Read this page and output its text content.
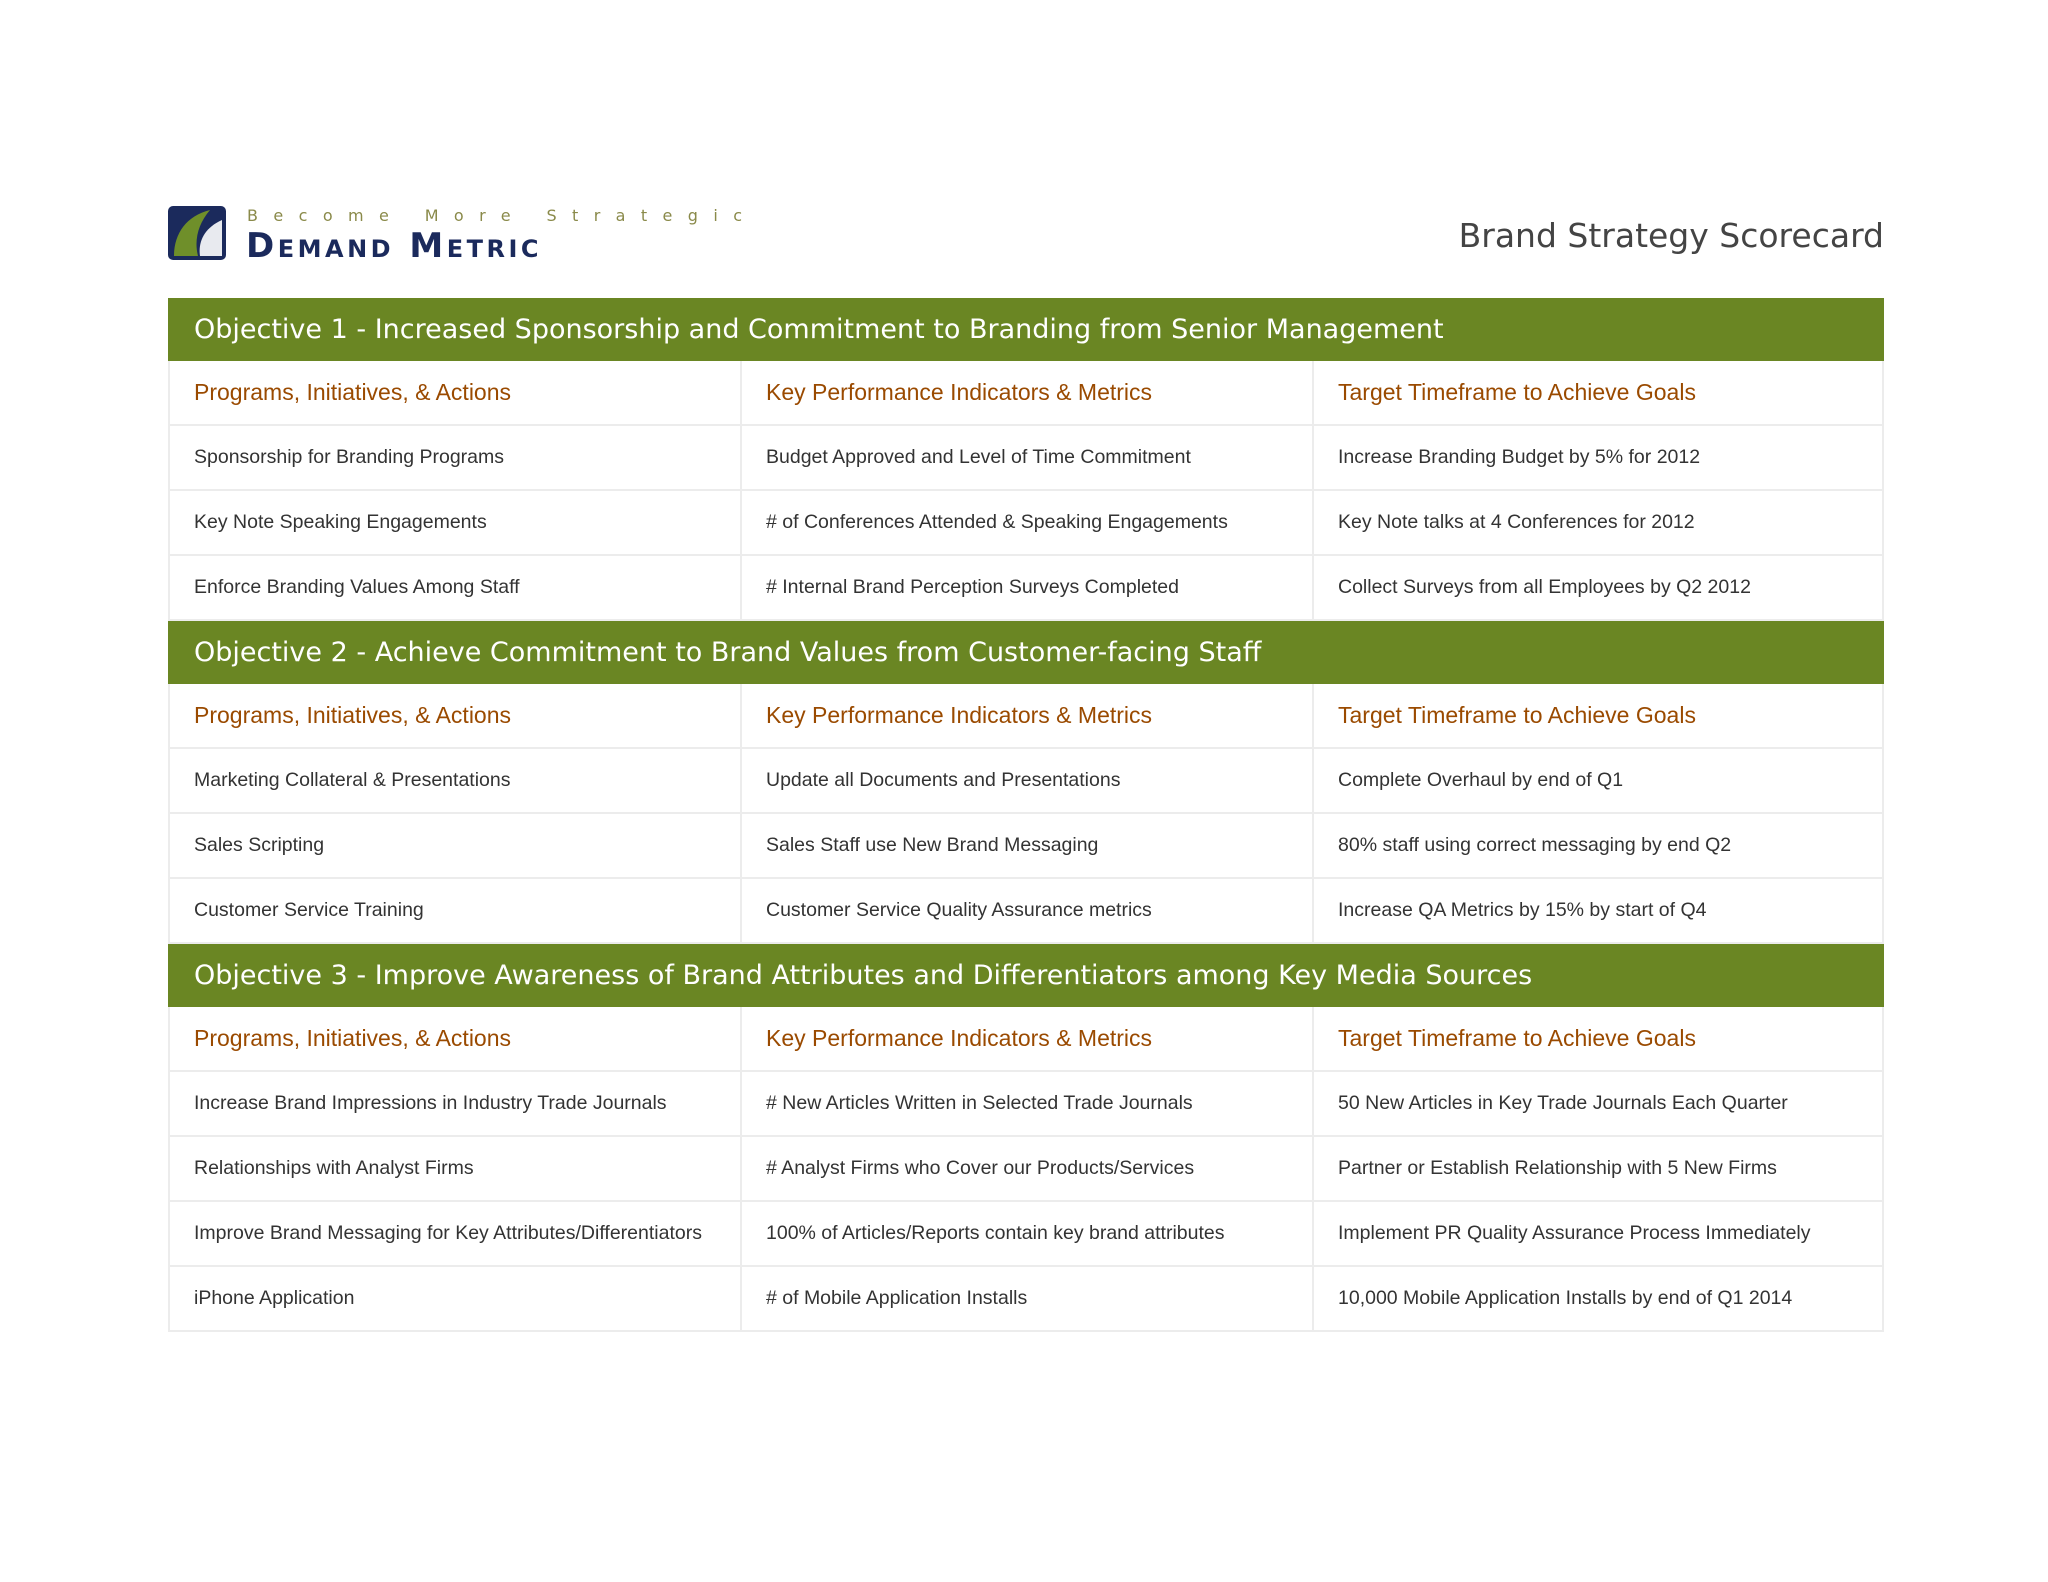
Become More Strategic
Demand Metric	Brand Strategy Scorecard
Objective 1 - Increased Sponsorship and Commitment to Branding from Senior Management
Programs, Initiatives, & Actions	Key Performance Indicators & Metrics	Target Timeframe to Achieve Goals
Sponsorship for Branding Programs	Budget Approved and Level of Time Commitment	Increase Branding Budget by 5% for 2012
Key Note Speaking Engagements	# of Conferences Attended & Speaking Engagements	Key Note talks at 4 Conferences for 2012
Enforce Branding Values Among Staff	# Internal Brand Perception Surveys Completed	Collect Surveys from all Employees by Q2 2012
Objective 2 - Achieve Commitment to Brand Values from Customer-facing Staff
Programs, Initiatives, & Actions	Key Performance Indicators & Metrics	Target Timeframe to Achieve Goals
Marketing Collateral & Presentations	Update all Documents and Presentations	Complete Overhaul by end of Q1
Sales Scripting	Sales Staff use New Brand Messaging	80% staff using correct messaging by end Q2
Customer Service Training	Customer Service Quality Assurance metrics	Increase QA Metrics by 15% by start of Q4
Objective 3 - Improve Awareness of Brand Attributes and Differentiators among Key Media Sources
Programs, Initiatives, & Actions	Key Performance Indicators & Metrics	Target Timeframe to Achieve Goals
Increase Brand Impressions in Industry Trade Journals	# New Articles Written in Selected Trade Journals	50 New Articles in Key Trade Journals Each Quarter
Relationships with Analyst Firms	# Analyst Firms who Cover our Products/Services	Partner or Establish Relationship with 5 New Firms
Improve Brand Messaging for Key Attributes/Differentiators	100% of Articles/Reports contain key brand attributes	Implement PR Quality Assurance Process Immediately
iPhone Application	# of Mobile Application Installs	10,000 Mobile Application Installs by end of Q1 2014
